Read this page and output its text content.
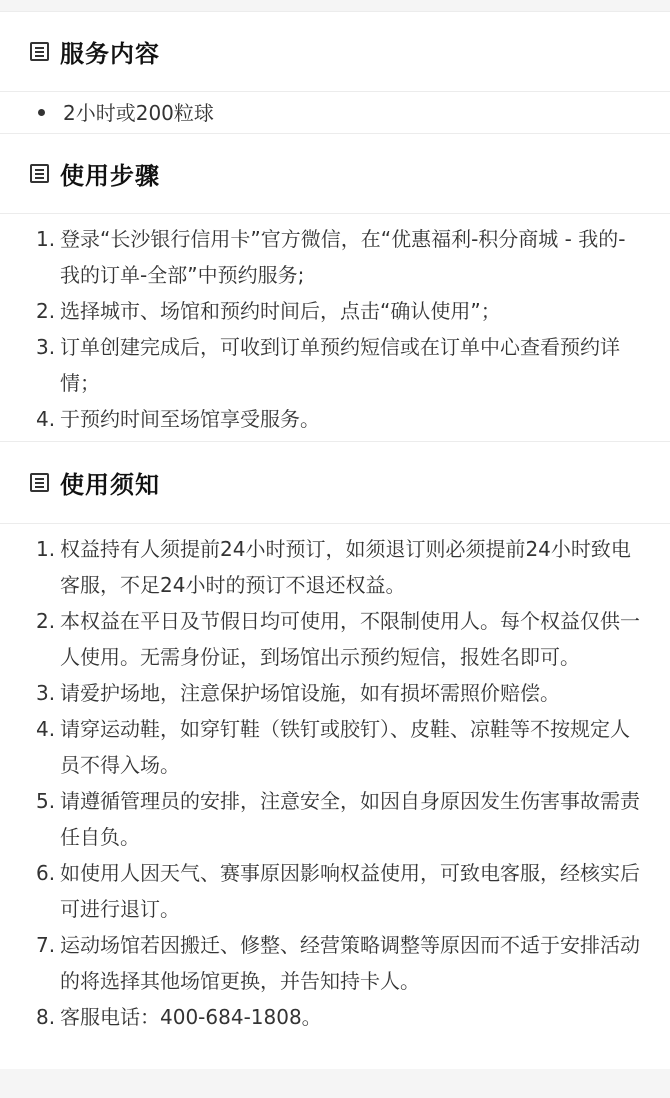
服务内容
2小时或200粒球
使用步骤
1. 登录“长沙银行信用卡”官方微信，在“优惠福利-积分商城 - 我的-我的订单-全部”中预约服务;
2. 选择城市、场馆和预约时间后，点击“确认使用”；
3. 订单创建完成后，可收到订单预约短信或在订单中心查看预约详情；
4. 于预约时间至场馆享受服务。
使用须知
1. 权益持有人须提前24小时预订，如须退订则必须提前24小时致电客服，不足24小时的预订不退还权益。
2. 本权益在平日及节假日均可使用，不限制使用人。每个权益仅供一人使用。无需身份证，到场馆出示预约短信，报姓名即可。
3. 请爱护场地，注意保护场馆设施，如有损坏需照价赔偿。
4. 请穿运动鞋，如穿钉鞋（铁钉或胶钉）、皮鞋、凉鞋等不按规定人员不得入场。
5. 请遵循管理员的安排，注意安全，如因自身原因发生伤害事故需责任自负。
6. 如使用人因天气、赛事原因影响权益使用，可致电客服，经核实后可进行退订。
7. 运动场馆若因搬迁、修整、经营策略调整等原因而不适于安排活动的将选择其他场馆更换，并告知持卡人。
8. 客服电话：400-684-1808。
